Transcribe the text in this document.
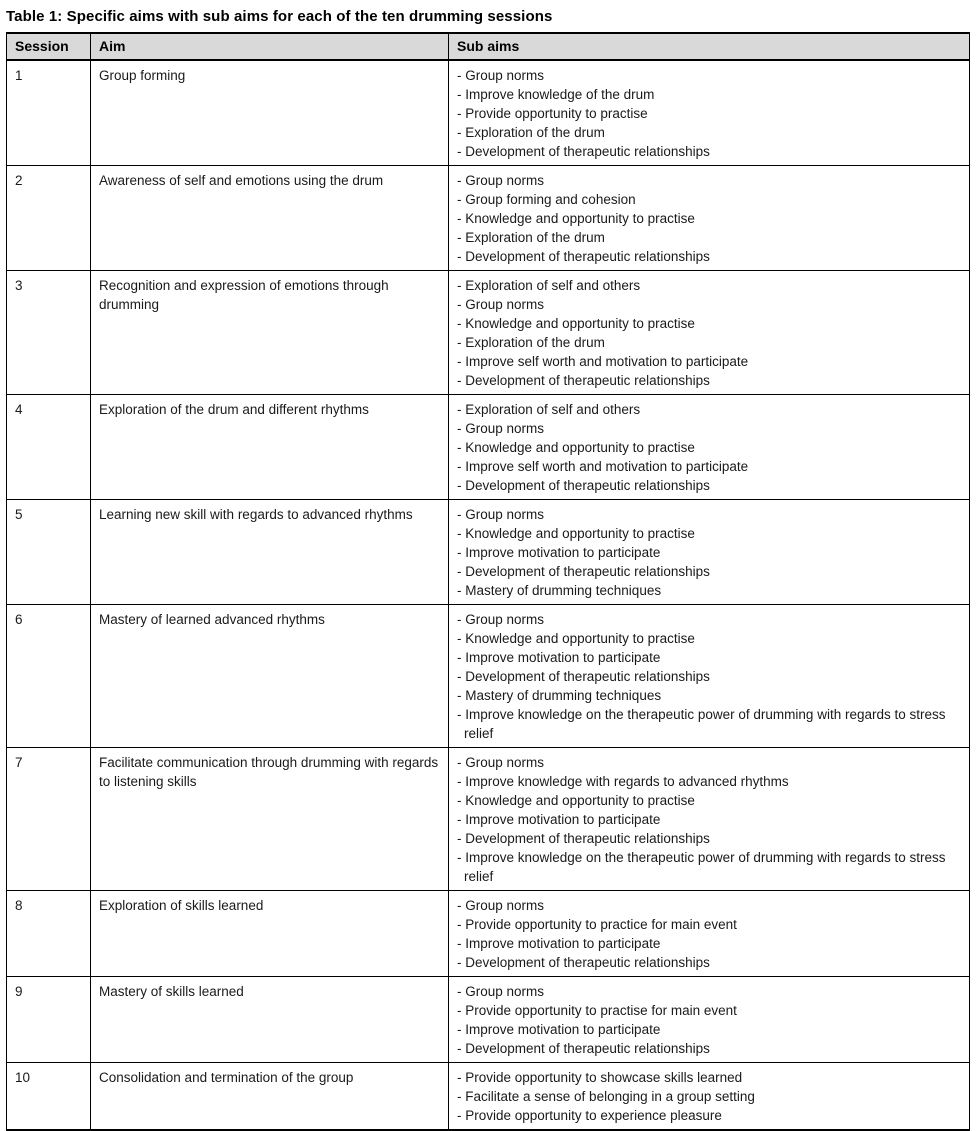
Table 1: Specific aims with sub aims for each of the ten drumming sessions
Session	Aim	Sub aims
1	Group forming	- Group norms
- Improve knowledge of the drum
- Provide opportunity to practise
- Exploration of the drum
- Development of therapeutic relationships

2	Awareness of self and emotions using the drum	- Group norms
- Group forming and cohesion
- Knowledge and opportunity to practise
- Exploration of the drum
- Development of therapeutic relationships

3	Recognition and expression of emotions through drumming	
- Exploration of self and others
- Group norms
- Knowledge and opportunity to practise
- Exploration of the drum
- Improve self worth and motivation to participate
- Development of therapeutic relationships

4	Exploration of the drum and different rhythms	- Exploration of self and others
- Group norms
- Knowledge and opportunity to practise
- Improve self worth and motivation to participate
- Development of therapeutic relationships

5	Learning new skill with regards to advanced rhythms	- Group norms
- Knowledge and opportunity to practise
- Improve motivation to participate
- Development of therapeutic relationships
- Mastery of drumming techniques

6	Mastery of learned advanced rhythms	- Group norms
- Knowledge and opportunity to practise
- Improve motivation to participate
- Development of therapeutic relationships
- Mastery of drumming techniques
- Improve knowledge on the therapeutic power of drumming with regards to stress relief

7	Facilitate communication through drumming with regards to listening skills	
- Group norms
- Improve knowledge with regards to advanced rhythms
- Knowledge and opportunity to practise
- Improve motivation to participate
- Development of therapeutic relationships
- Improve knowledge on the therapeutic power of drumming with regards to stress relief

8	Exploration of skills learned	- Group norms
- Provide opportunity to practice for main event
- Improve motivation to participate
- Development of therapeutic relationships

9	Mastery of skills learned	- Group norms
- Provide opportunity to practise for main event
- Improve motivation to participate
- Development of therapeutic relationships

10	Consolidation and termination of the group	- Provide opportunity to showcase skills learned
- Facilitate a sense of belonging in a group setting
- Provide opportunity to experience pleasure
